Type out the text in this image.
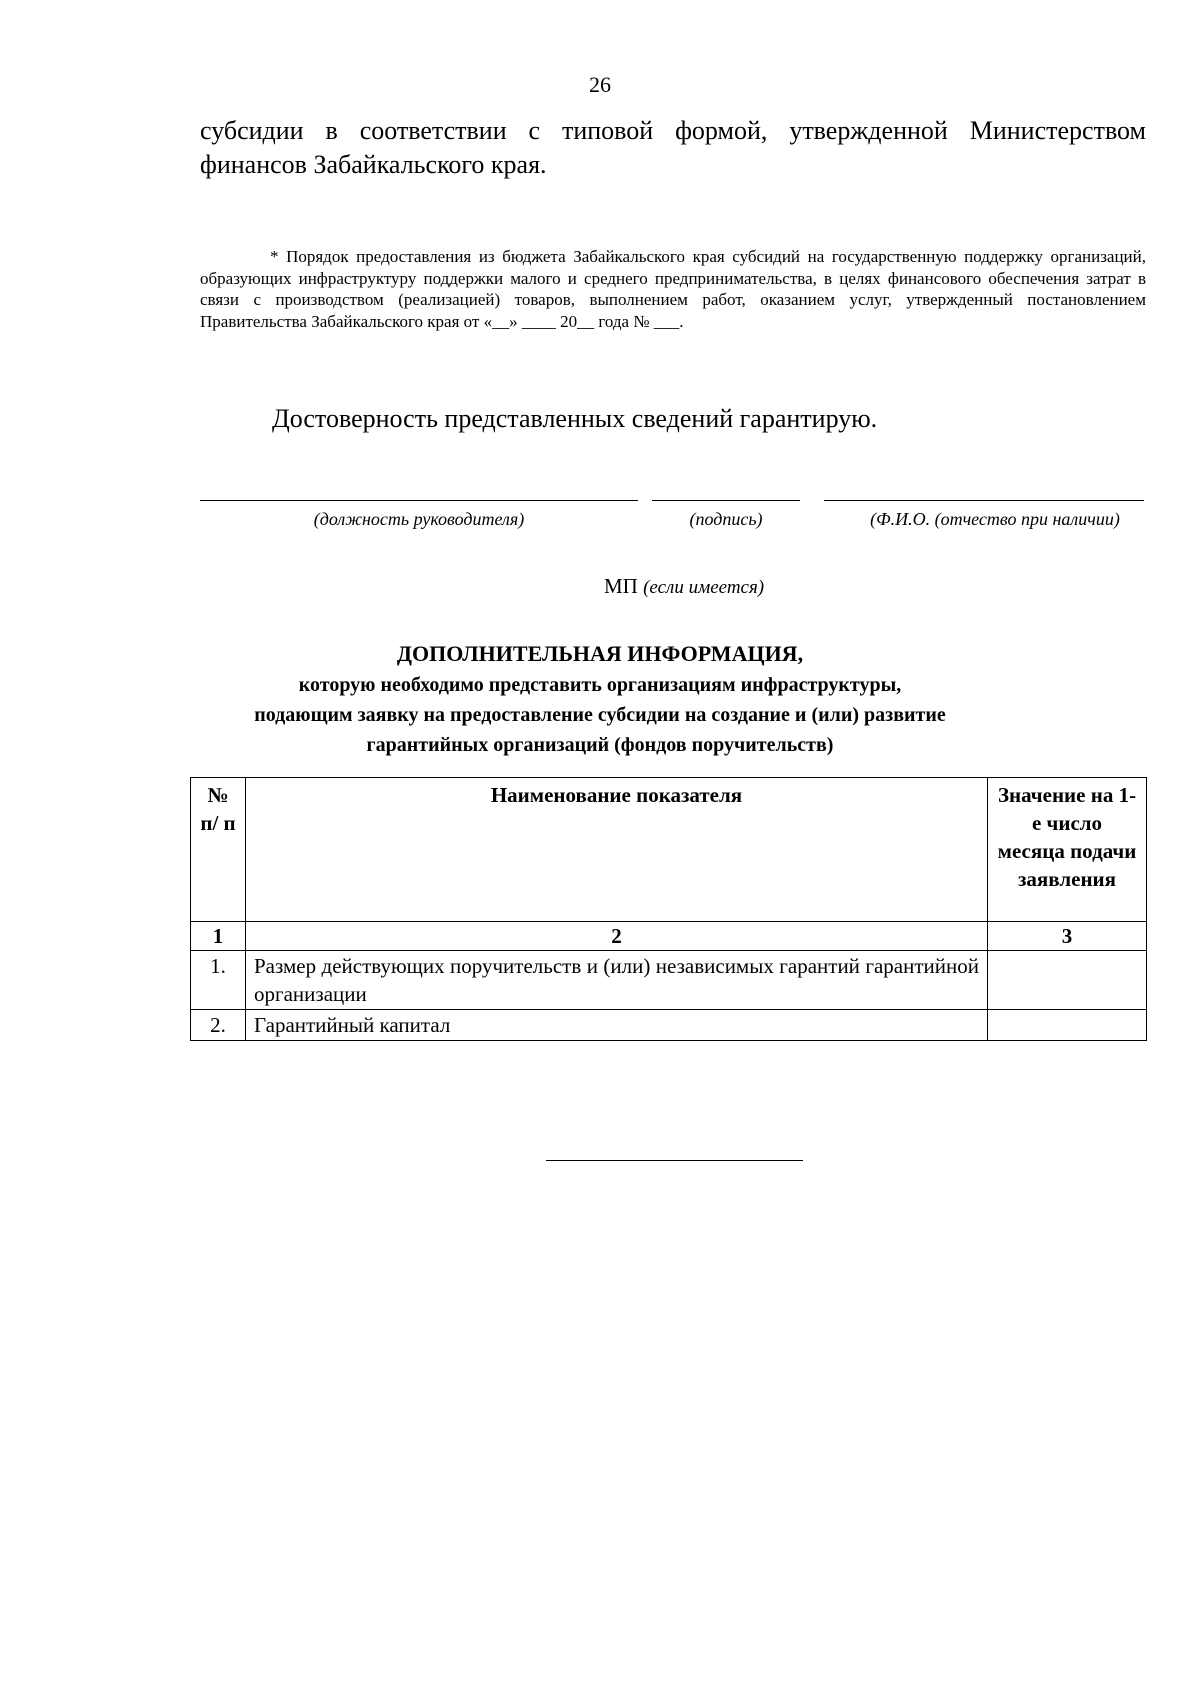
26

субсидии в соответствии с типовой формой, утвержденной Министерством финансов Забайкальского края.

* Порядок предоставления из бюджета Забайкальского края субсидий на государственную поддержку организаций, образующих инфраструктуру поддержки малого и среднего предпринимательства, в целях финансового обеспечения затрат в связи с производством (реализацией) товаров, выполнением работ, оказанием услуг, утвержденный постановлением Правительства Забайкальского края от «__» ____ 20__ года № ___.

Достоверность представленных сведений гарантирую.

(должность руководителя)	(подпись)	(Ф.И.О. (отчество при наличии)
МП (если имеется)
ДОПОЛНИТЕЛЬНАЯ ИНФОРМАЦИЯ,
которую необходимо представить организациям инфраструктуры,
подающим заявку на предоставление субсидии на создание и (или) развитие
гарантийных организаций (фондов поручительств)
№ п/ п	Наименование показателя	Значение на 1-е число месяца подачи заявления
1	2	3
1.	Размер действующих поручительств и (или) независимых гарантий гарантийной организации	
2.	Гарантийный капитал	
